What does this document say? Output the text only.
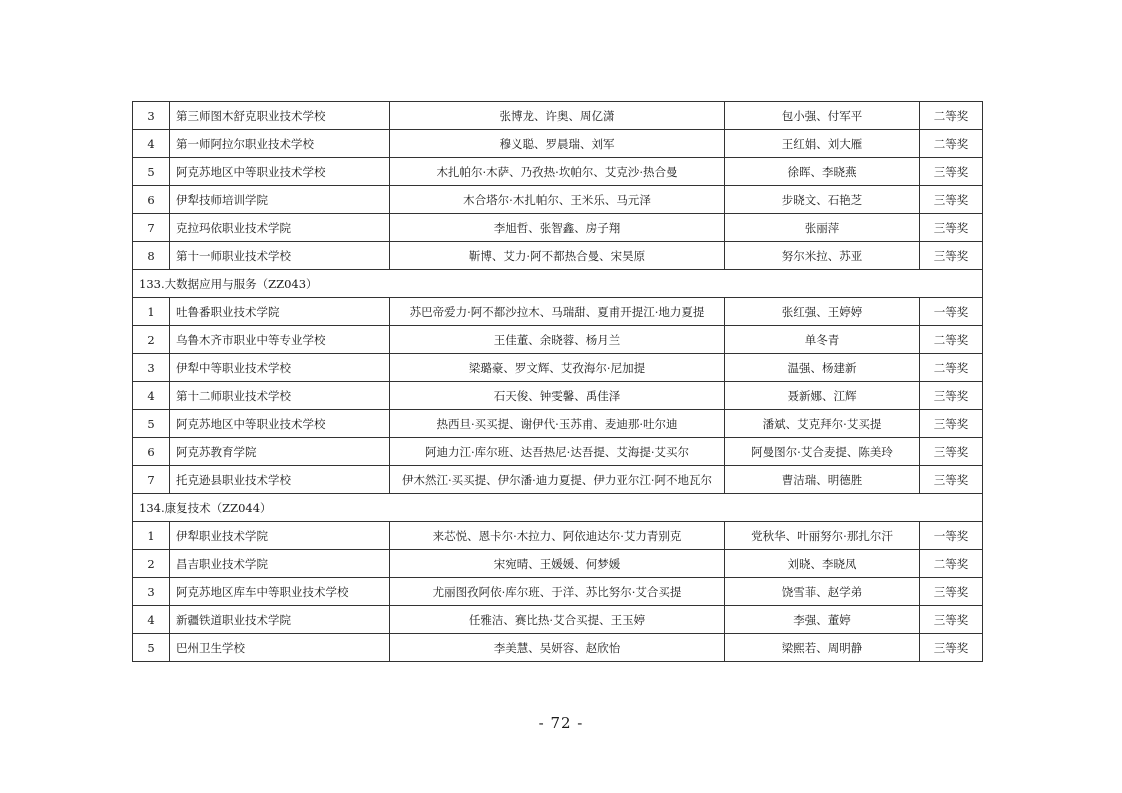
3	第三师图木舒克职业技术学校	张博龙、许奥、周亿潇	包小强、付军平	二等奖
4	第一师阿拉尔职业技术学校	穆义聪、罗晨瑞、刘军	王红娟、刘大雁	二等奖
5	阿克苏地区中等职业技术学校	木扎帕尔·木萨、乃孜热·坎帕尔、艾克沙·热合曼	徐晖、李晓燕	三等奖
6	伊犁技师培训学院	木合塔尔·木扎帕尔、王米乐、马元泽	步晓文、石艳芝	三等奖
7	克拉玛依职业技术学院	李旭哲、张智鑫、房子翔	张丽萍	三等奖
8	第十一师职业技术学校	靳博、艾力·阿不都热合曼、宋昊原	努尔米拉、苏亚	三等奖
133.大数据应用与服务（ZZ043）				
1	吐鲁番职业技术学院	苏巴帝爱力·阿不都沙拉木、马瑞甜、夏甫开提江·地力夏提	张红强、王婷婷	一等奖
2	乌鲁木齐市职业中等专业学校	王佳董、余晓蓉、杨月兰	单冬青	二等奖
3	伊犁中等职业技术学校	梁璐豪、罗文辉、艾孜海尔·尼加提	温强、杨建新	二等奖
4	第十二师职业技术学校	石天俊、钟雯馨、禹佳泽	聂新娜、江辉	三等奖
5	阿克苏地区中等职业技术学校	热西旦·买买提、谢伊代·玉苏甫、麦迪那·吐尔迪	潘斌、艾克拜尔·艾买提	三等奖
6	阿克苏教育学院	阿迪力江·库尔班、达吾热尼·达吾提、艾海提·艾买尔	阿曼图尔·艾合麦提、陈美玲	三等奖
7	托克逊县职业技术学校	伊木然江·买买提、伊尔潘·迪力夏提、伊力亚尔江·阿不地瓦尔	曹洁瑞、明德胜	三等奖
134.康复技术（ZZ044）				
1	伊犁职业技术学院	来芯悦、恩卡尔·木拉力、阿依迪达尔·艾力青别克	党秋华、叶丽努尔·那扎尔汗	一等奖
2	昌吉职业技术学院	宋宛晴、王媛媛、何梦媛	刘晓、李晓凤	二等奖
3	阿克苏地区库车中等职业技术学校	尤丽图孜阿依·库尔班、于洋、苏比努尔·艾合买提	饶雪菲、赵学弟	三等奖
4	新疆铁道职业技术学院	任雅洁、赛比热·艾合买提、王玉婷	李强、董婷	三等奖
5	巴州卫生学校	李美慧、吴妍容、赵欣怡	梁熙若、周明静	三等奖
- 72 -
